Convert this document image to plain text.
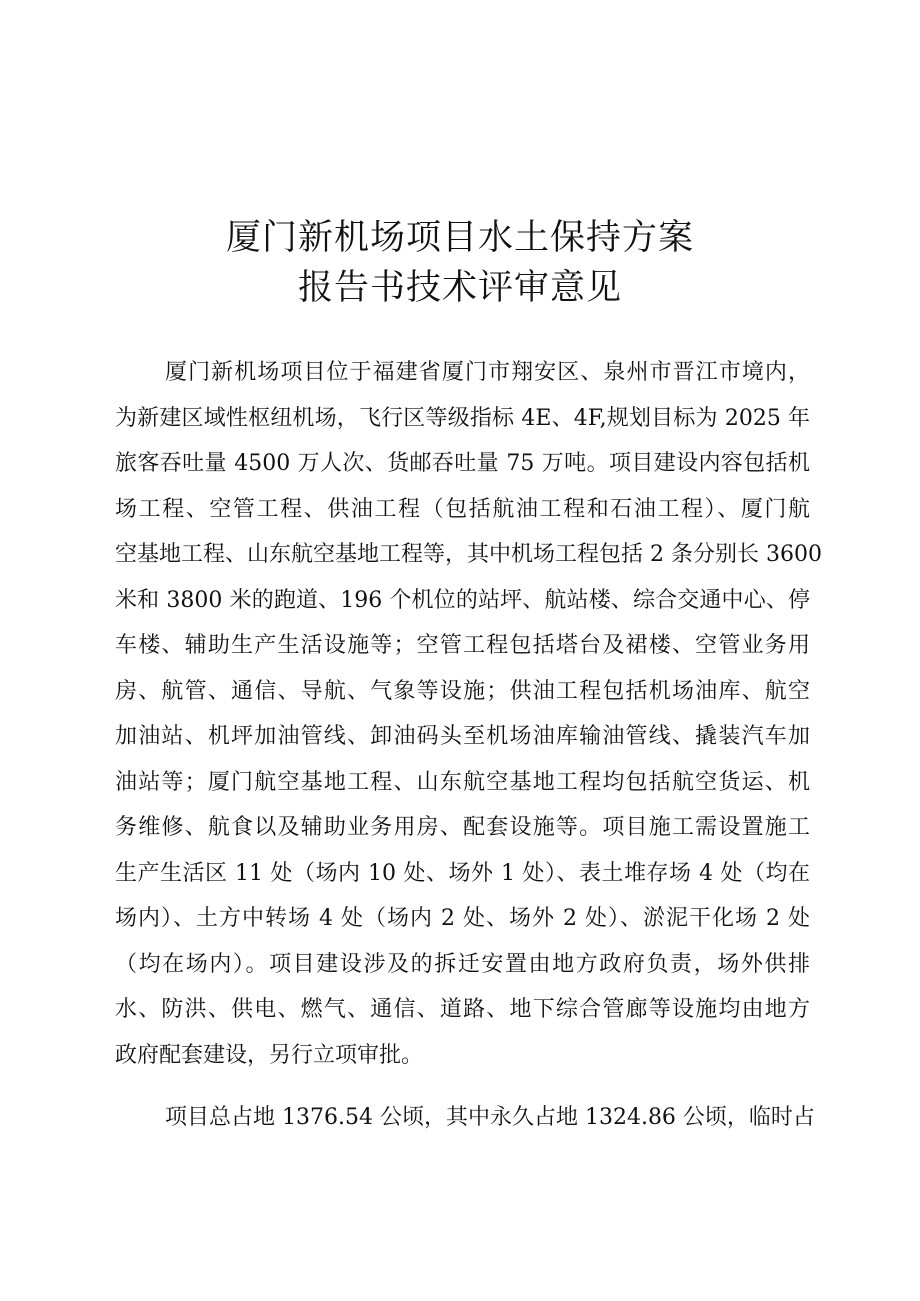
厦门新机场项目水土保持方案
报告书技术评审意见
厦门新机场项目位于福建省厦门市翔安区、泉州市晋江市境内，
为新建区域性枢纽机场，飞行区等级指标 4E、4F,规划目标为 2025 年
旅客吞吐量 4500 万人次、货邮吞吐量 75 万吨。项目建设内容包括机
场工程、空管工程、供油工程（包括航油工程和石油工程）、厦门航
空基地工程、山东航空基地工程等，其中机场工程包括 2 条分别长 3600
米和 3800 米的跑道、196 个机位的站坪、航站楼、综合交通中心、停
车楼、辅助生产生活设施等；空管工程包括塔台及裙楼、空管业务用
房、航管、通信、导航、气象等设施；供油工程包括机场油库、航空
加油站、机坪加油管线、卸油码头至机场油库输油管线、撬装汽车加
油站等；厦门航空基地工程、山东航空基地工程均包括航空货运、机
务维修、航食以及辅助业务用房、配套设施等。项目施工需设置施工
生产生活区 11 处（场内 10 处、场外 1 处）、表土堆存场 4 处（均在
场内）、土方中转场 4 处（场内 2 处、场外 2 处）、淤泥干化场 2 处
（均在场内）。项目建设涉及的拆迁安置由地方政府负责，场外供排
水、防洪、供电、燃气、通信、道路、地下综合管廊等设施均由地方
政府配套建设，另行立项审批。
项目总占地 1376.54 公顷，其中永久占地 1324.86 公顷，临时占
